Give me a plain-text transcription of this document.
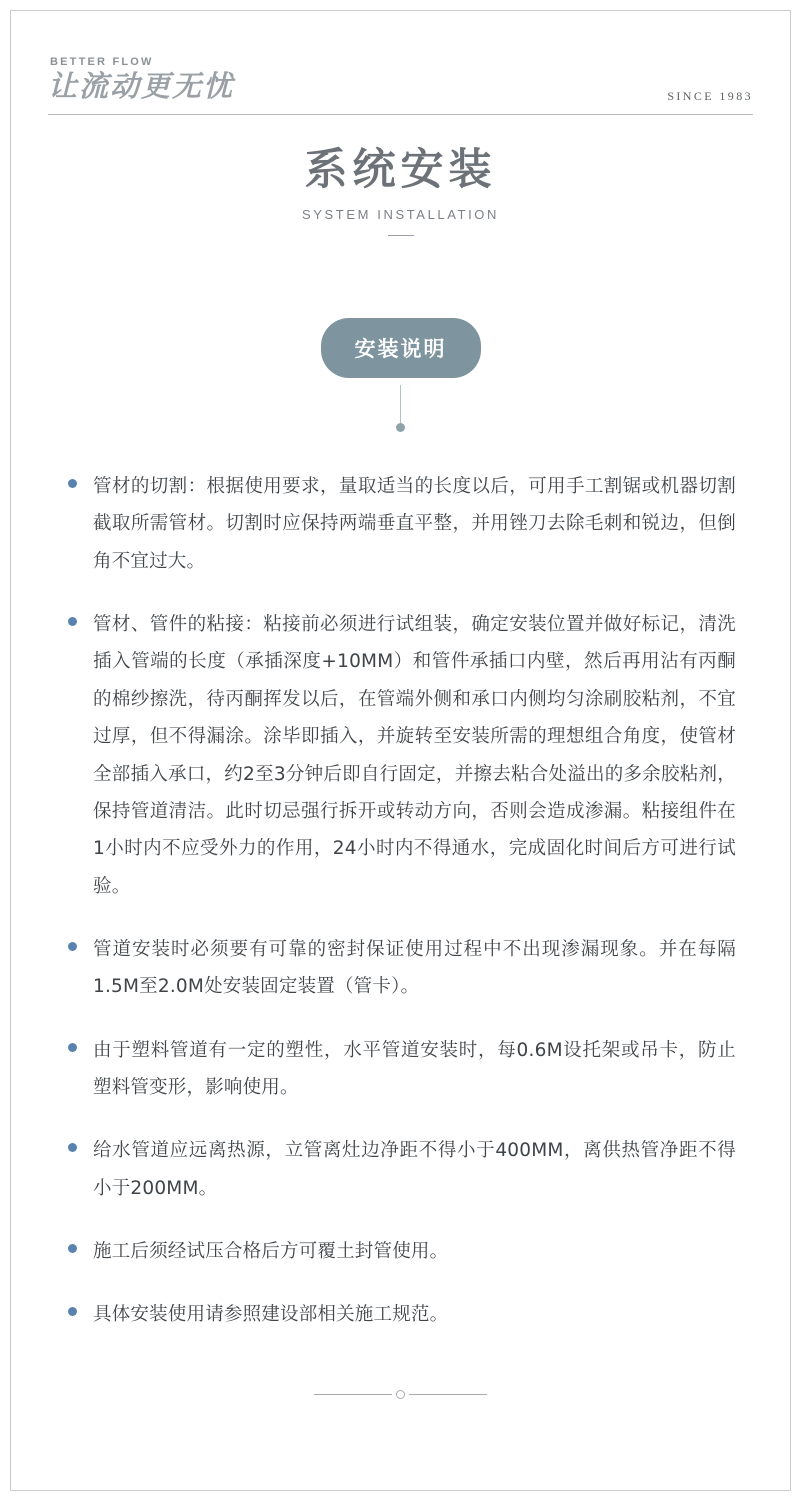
BETTER FLOW
让流动更无忧	SINCE 1983
系统安装
SYSTEM INSTALLATION
安装说明
管材的切割：根据使用要求，量取适当的长度以后，可用手工割锯或机器切割截取所需管材。切割时应保持两端垂直平整，并用锉刀去除毛刺和锐边，但倒角不宜过大。
管材、管件的粘接：粘接前必须进行试组装，确定安装位置并做好标记，清洗插入管端的长度（承插深度+10MM）和管件承插口内壁，然后再用沾有丙酮的棉纱擦洗，待丙酮挥发以后，在管端外侧和承口内侧均匀涂刷胶粘剂，不宜过厚，但不得漏涂。涂毕即插入，并旋转至安装所需的理想组合角度，使管材全部插入承口，约2至3分钟后即自行固定，并擦去粘合处溢出的多余胶粘剂，保持管道清洁。此时切忌强行拆开或转动方向，否则会造成渗漏。粘接组件在1小时内不应受外力的作用，24小时内不得通水，完成固化时间后方可进行试验。
管道安装时必须要有可靠的密封保证使用过程中不出现渗漏现象。并在每隔1.5M至2.0M处安装固定装置（管卡）。
由于塑料管道有一定的塑性，水平管道安装时，每0.6M设托架或吊卡，防止塑料管变形，影响使用。
给水管道应远离热源，立管离灶边净距不得小于400MM，离供热管净距不得小于200MM。
施工后须经试压合格后方可覆土封管使用。
具体安装使用请参照建设部相关施工规范。
